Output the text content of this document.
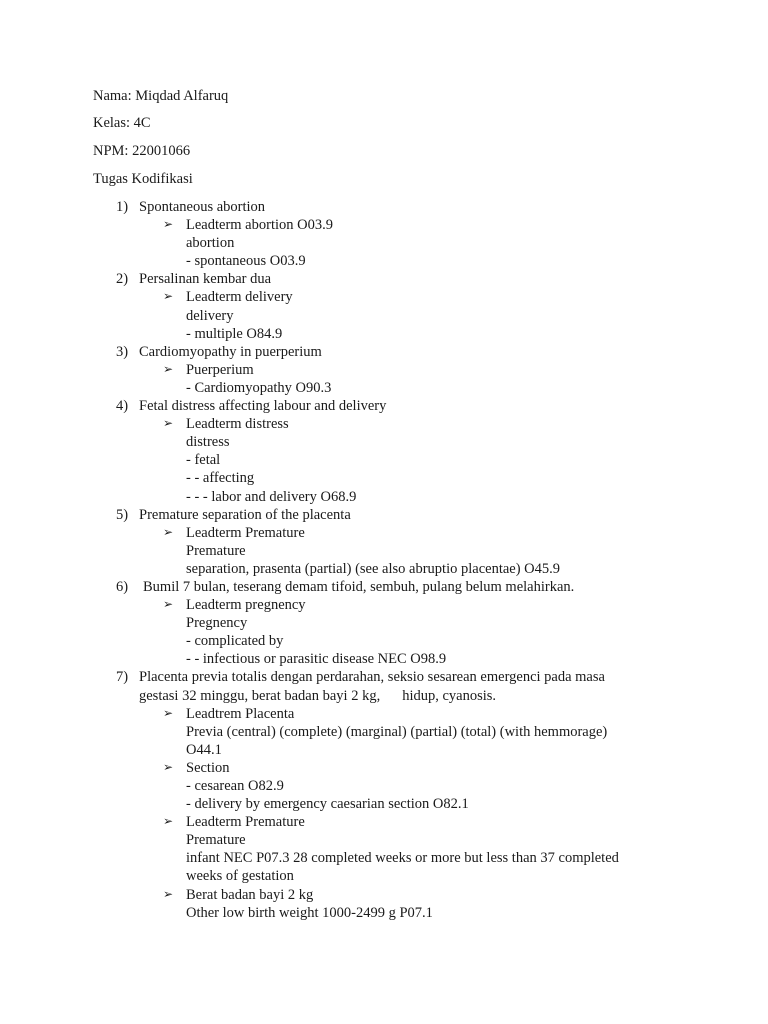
Nama: Miqdad Alfaruq
Kelas: 4C
NPM: 22001066
Tugas Kodifikasi
1) Spontaneous abortion
➢ Leadterm abortion O03.9
abortion
- spontaneous O03.9
2) Persalinan kembar dua
➢ Leadterm delivery
delivery
- multiple O84.9
3) Cardiomyopathy in puerperium
➢ Puerperium
- Cardiomyopathy O90.3
4) Fetal distress affecting labour and delivery
➢ Leadterm distress
distress
- fetal
- - affecting
- - - labor and delivery O68.9
5) Premature separation of the placenta
➢ Leadterm Premature
Premature
separation, prasenta (partial) (see also abruptio placentae) O45.9
6) Bumil 7 bulan, teserang demam tifoid, sembuh, pulang belum melahirkan.
➢ Leadterm pregnency
Pregnency
- complicated by
- - infectious or parasitic disease NEC O98.9
7) Placenta previa totalis dengan perdarahan, seksio sesarean emergenci pada masa
gestasi 32 minggu, berat badan bayi 2 kg, hidup, cyanosis.
➢ Leadtrem Placenta
Previa (central) (complete) (marginal) (partial) (total) (with hemmorage)
O44.1
➢ Section
- cesarean O82.9
- delivery by emergency caesarian section O82.1
➢ Leadterm Premature
Premature
infant NEC P07.3 28 completed weeks or more but less than 37 completed
weeks of gestation
➢ Berat badan bayi 2 kg
Other low birth weight 1000-2499 g P07.1
